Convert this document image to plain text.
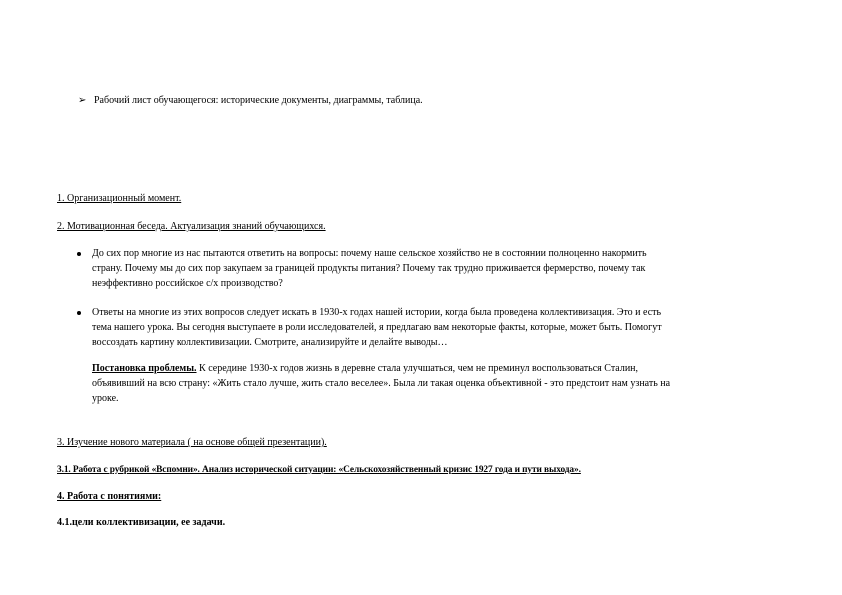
➢ Рабочий лист обучающегося: исторические документы, диаграммы, таблица.
1. Организационный момент.
2. Мотивационная беседа. Актуализация знаний обучающихся.
До сих пор многие из нас пытаются ответить на вопросы: почему наше сельское хозяйство не в состоянии полноценно накормить
страну. Почему мы до сих пор закупаем за границей продукты питания? Почему так трудно приживается фермерство, почему так
неэффективно российское с/х производство?
Ответы на многие из этих вопросов следует искать в 1930-х годах нашей истории, когда была проведена коллективизация. Это и есть
тема нашего урока. Вы сегодня выступаете в роли исследователей, я предлагаю вам некоторые факты, которые, может быть. Помогут
воссоздать картину коллективизации. Смотрите, анализируйте и делайте выводы…
Постановка проблемы. К середине 1930-х годов жизнь в деревне стала улучшаться, чем не преминул воспользоваться Сталин,
объявивший на всю страну: «Жить стало лучше, жить стало веселее». Была ли такая оценка объективной - это предстоит нам узнать на
уроке.
3. Изучение нового материала ( на основе общей презентации).
3.1. Работа с рубрикой «Вспомни». Анализ исторической ситуации: «Сельскохозяйственный кризис 1927 года и пути выхода».
4. Работа с понятиями:
4.1.цели коллективизации, ее задачи.
